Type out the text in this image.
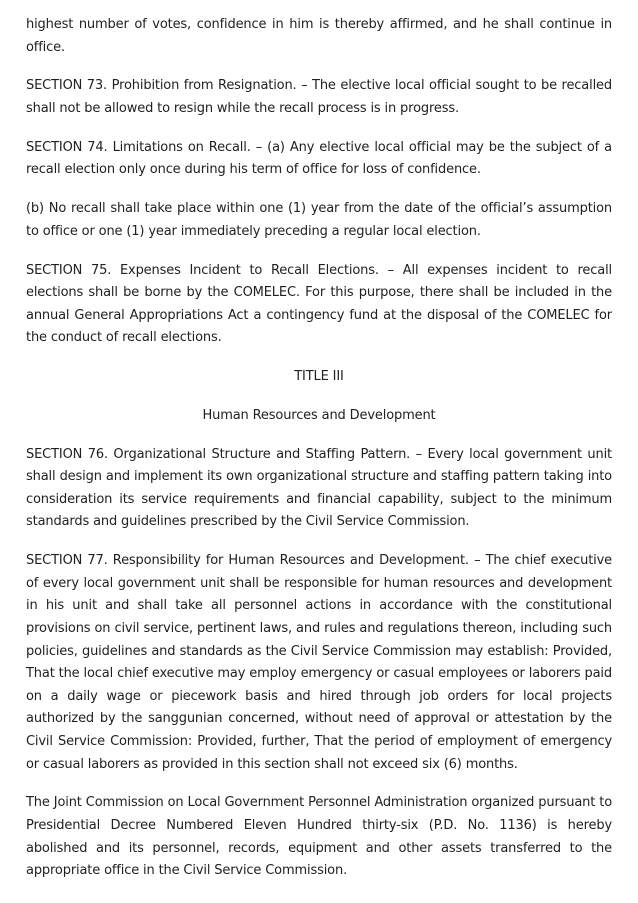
highest number of votes, confidence in him is thereby affirmed, and he shall continue in office.

SECTION 73. Prohibition from Resignation. – The elective local official sought to be recalled shall not be allowed to resign while the recall process is in progress.

SECTION 74. Limitations on Recall. – (a) Any elective local official may be the subject of a recall election only once during his term of office for loss of confidence.

(b) No recall shall take place within one (1) year from the date of the official’s assumption to office or one (1) year immediately preceding a regular local election.

SECTION 75. Expenses Incident to Recall Elections. – All expenses incident to recall elections shall be borne by the COMELEC. For this purpose, there shall be included in the annual General Appropriations Act a contingency fund at the disposal of the COMELEC for the conduct of recall elections.

TITLE III

Human Resources and Development

SECTION 76. Organizational Structure and Staffing Pattern. – Every local government unit shall design and implement its own organizational structure and staffing pattern taking into consideration its service requirements and financial capability, subject to the minimum standards and guidelines prescribed by the Civil Service Commission.

SECTION 77. Responsibility for Human Resources and Development. – The chief executive of every local government unit shall be responsible for human resources and development in his unit and shall take all personnel actions in accordance with the constitutional provisions on civil service, pertinent laws, and rules and regulations thereon, including such policies, guidelines and standards as the Civil Service Commission may establish: Provided, That the local chief executive may employ emergency or casual employees or laborers paid on a daily wage or piecework basis and hired through job orders for local projects authorized by the sanggunian concerned, without need of approval or attestation by the Civil Service Commission: Provided, further, That the period of employment of emergency or casual laborers as provided in this section shall not exceed six (6) months.

The Joint Commission on Local Government Personnel Administration organized pursuant to Presidential Decree Numbered Eleven Hundred thirty-six (P.D. No. 1136) is hereby abolished and its personnel, records, equipment and other assets transferred to the appropriate office in the Civil Service Commission.
